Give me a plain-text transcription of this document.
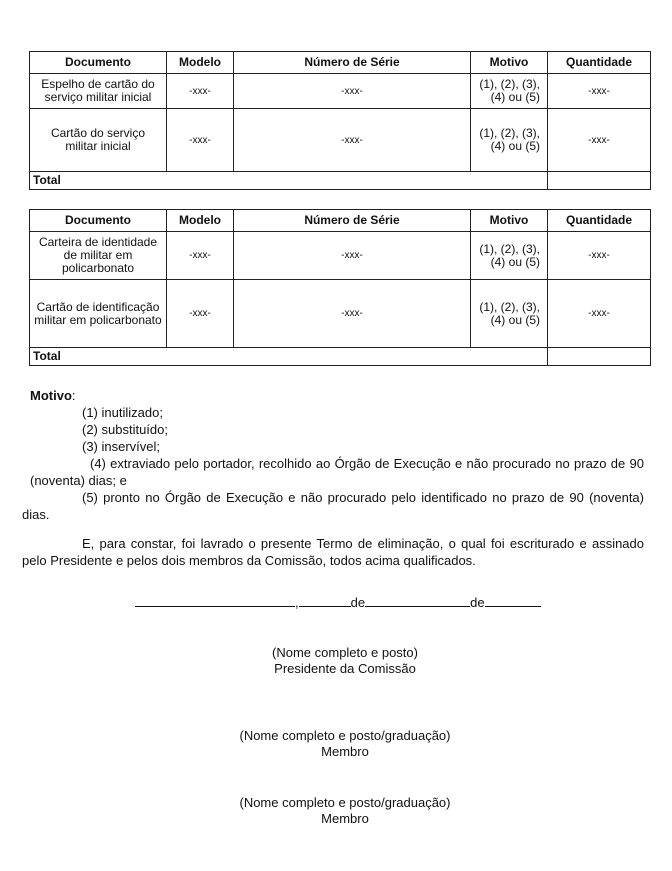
Documento	Modelo	Número de Série	Motivo	Quantidade
Espelho de cartão do serviço militar inicial	-xxx-	-xxx-	(1), (2), (3), (4) ou (5)	-xxx-
Cartão do serviço militar inicial	-xxx-	-xxx-	(1), (2), (3), (4) ou (5)	-xxx-
Total				
Documento	Modelo	Número de Série	Motivo	Quantidade
Carteira de identidade de militar em policarbonato	-xxx-	-xxx-	(1), (2), (3), (4) ou (5)	-xxx-
Cartão de identificação militar em policarbonato	-xxx-	-xxx-	(1), (2), (3), (4) ou (5)	-xxx-
Total				
Motivo:
(1) inutilizado;
(2) substituído;
(3) inservível;
(4) extraviado pelo portador, recolhido ao Órgão de Execução e não procurado no prazo de 90 (noventa) dias; e
(5) pronto no Órgão de Execução e não procurado pelo identificado no prazo de 90 (noventa) dias.
E, para constar, foi lavrado o presente Termo de eliminação, o qual foi escriturado e assinado pelo Presidente e pelos dois membros da Comissão, todos acima qualificados.
,	de	de
(Nome completo e posto)
Presidente da Comissão
(Nome completo e posto/graduação)
Membro
(Nome completo e posto/graduação)
Membro
